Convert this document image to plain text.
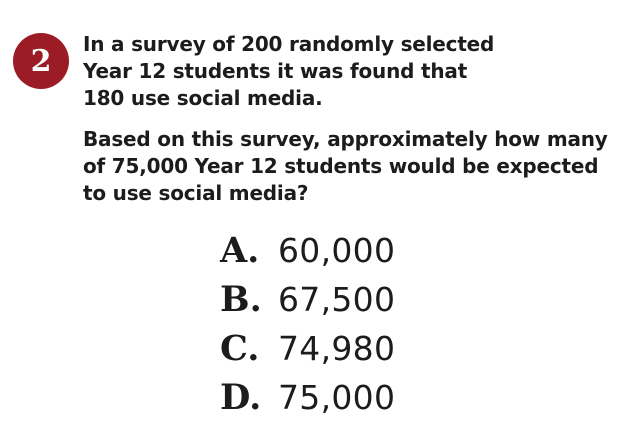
2 In a survey of 200 randomly selected
Year 12 students it was found that
180 use social media.

Based on this survey, approximately how many
of 75,000 Year 12 students would be expected
to use social media?

A. 60,000
B. 67,500
C. 74,980
D. 75,000
